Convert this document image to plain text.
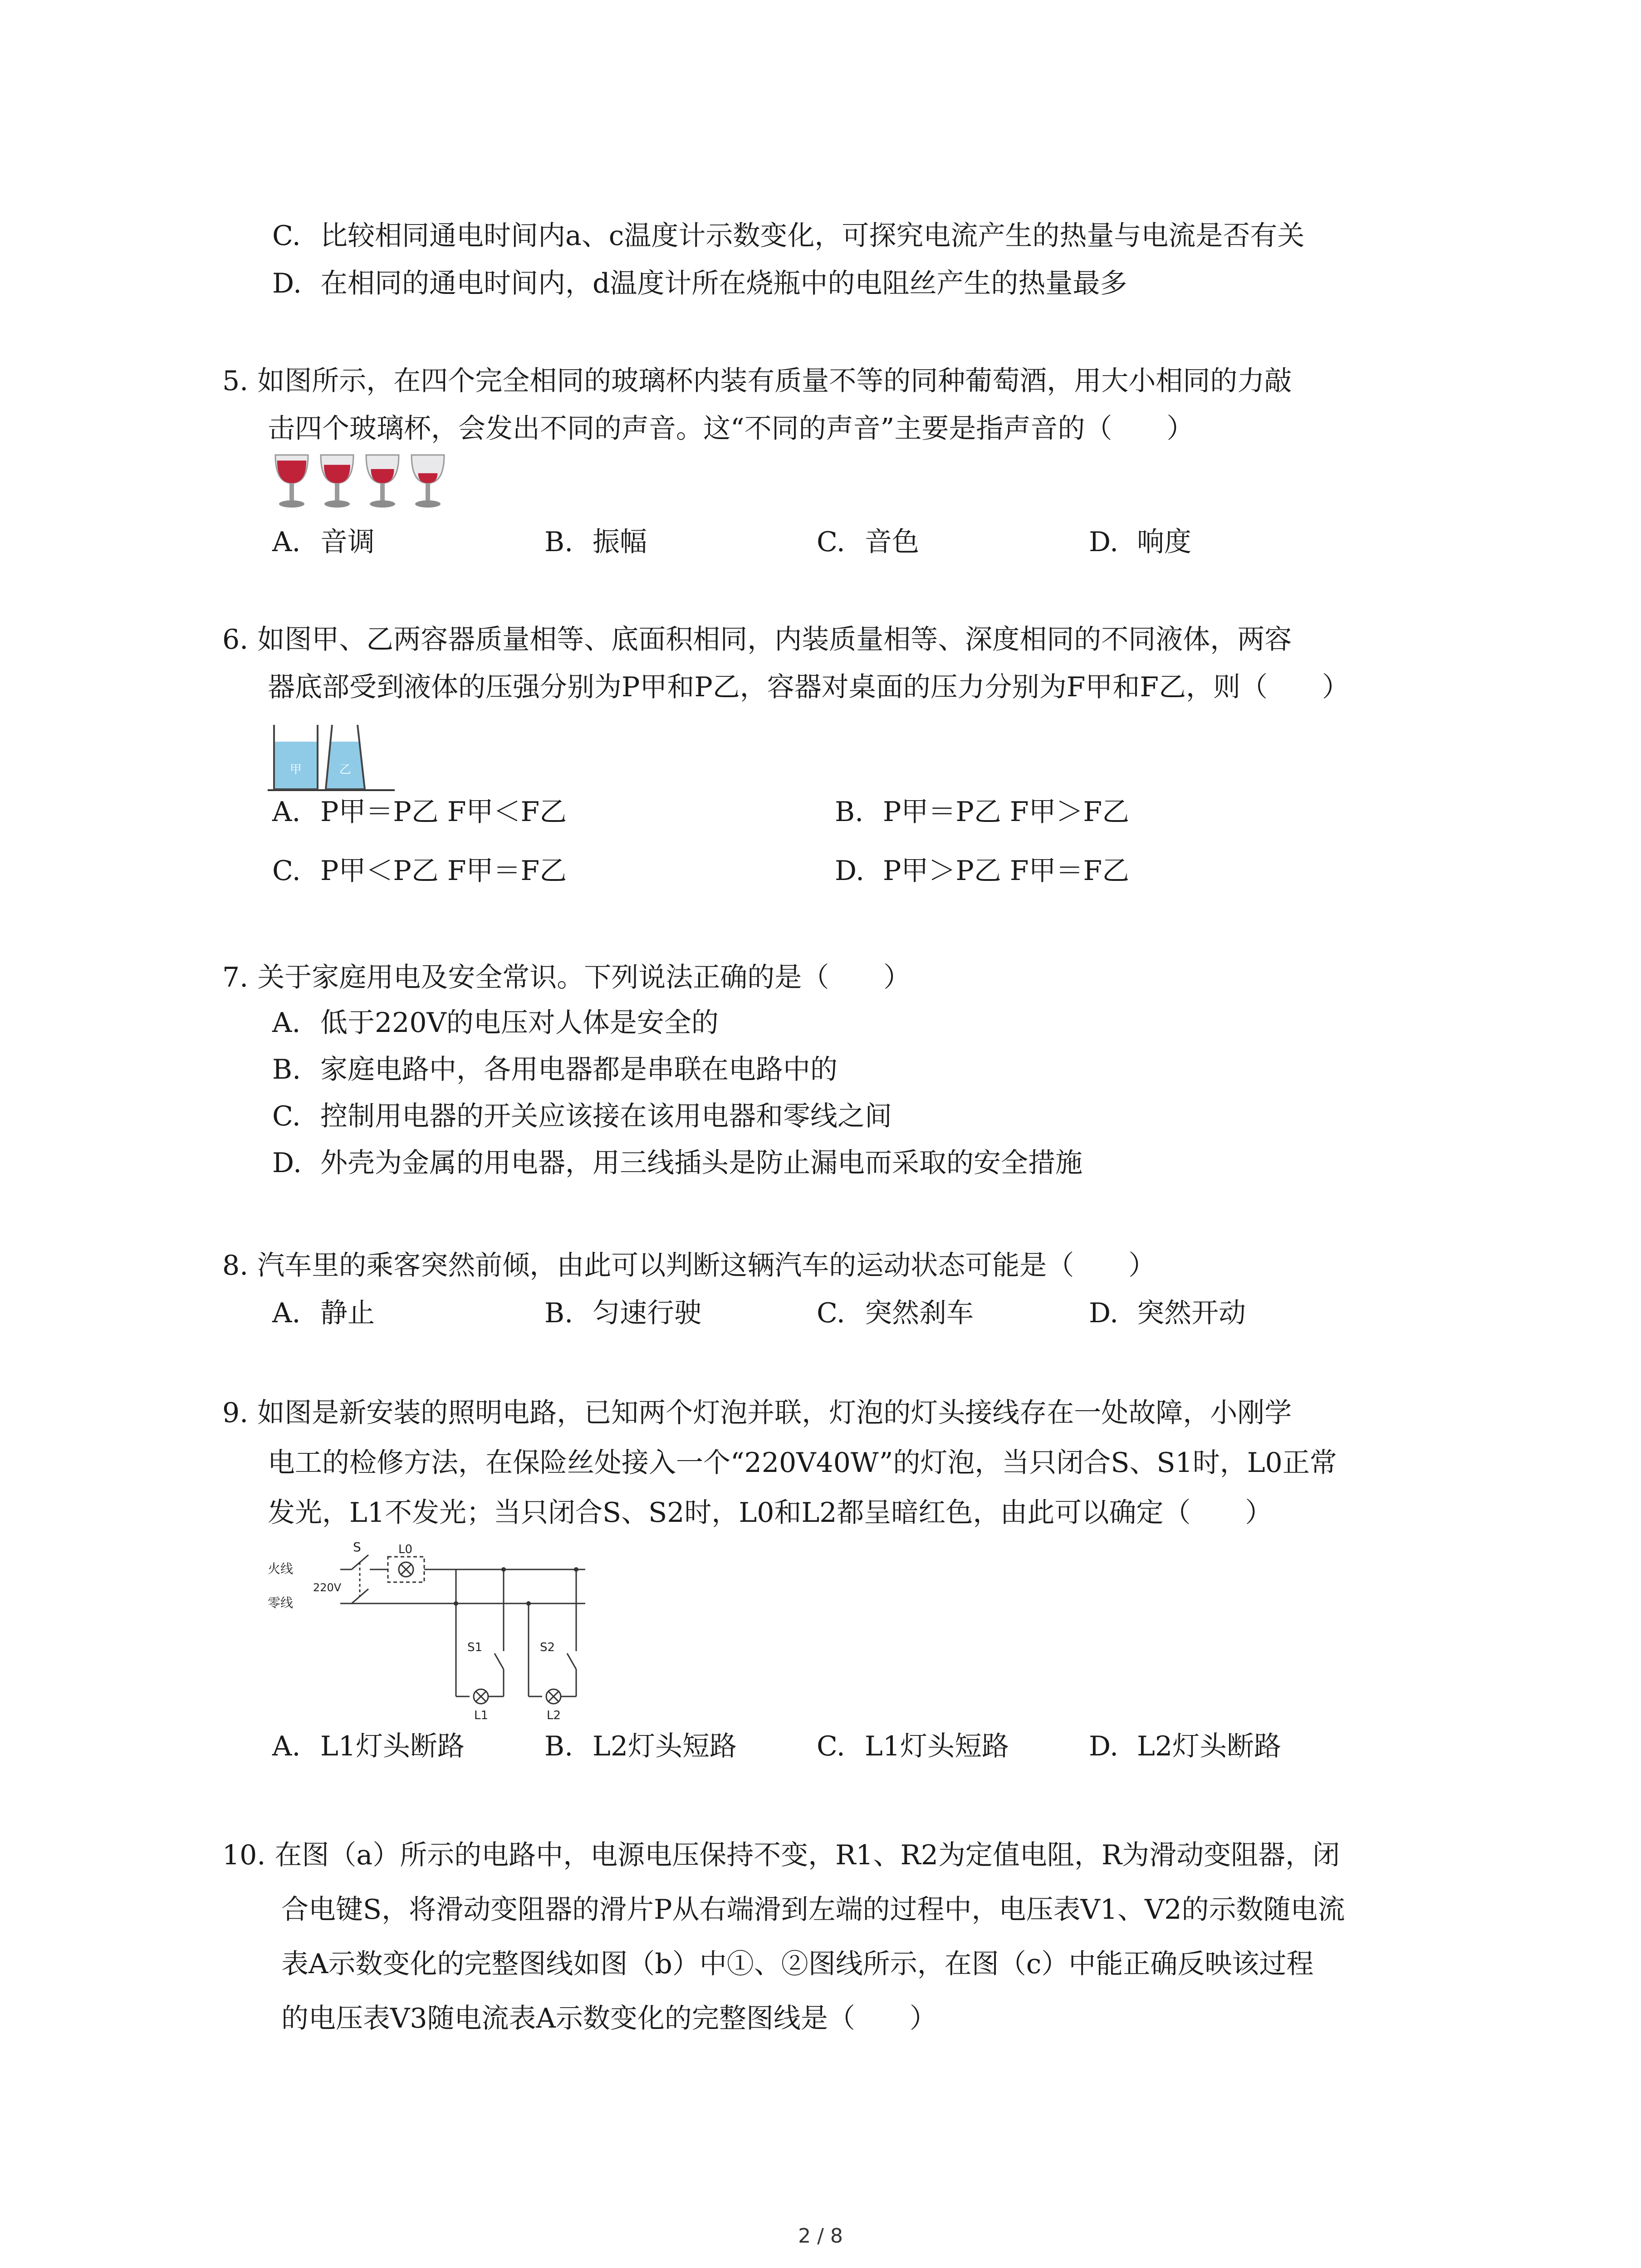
C. 比较相同通电时间内a、c温度计示数变化，可探究电流产生的热量与电流是否有关
D. 在相同的通电时间内，d温度计所在烧瓶中的电阻丝产生的热量最多
5. 如图所示，在四个完全相同的玻璃杯内装有质量不等的同种葡萄酒，用大小相同的力敲
击四个玻璃杯，会发出不同的声音。这“不同的声音”主要是指声音的（　　）
A. 音调	B. 振幅	C. 音色	D. 响度
6. 如图甲、乙两容器质量相等、底面积相同，内装质量相等、深度相同的不同液体，两容
器底部受到液体的压强分别为P甲和P乙，容器对桌面的压力分别为F甲和F乙，则（　　）
甲	乙
A. P甲＝P乙 F甲＜F乙	B. P甲＝P乙 F甲＞F乙
C. P甲＜P乙 F甲＝F乙	D. P甲＞P乙 F甲＝F乙
7. 关于家庭用电及安全常识。下列说法正确的是（　　）
A. 低于220V的电压对人体是安全的
B. 家庭电路中，各用电器都是串联在电路中的
C. 控制用电器的开关应该接在该用电器和零线之间
D. 外壳为金属的用电器，用三线插头是防止漏电而采取的安全措施
8. 汽车里的乘客突然前倾，由此可以判断这辆汽车的运动状态可能是（　　）
A. 静止	B. 匀速行驶	C. 突然刹车	D. 突然开动
9. 如图是新安装的照明电路，已知两个灯泡并联，灯泡的灯头接线存在一处故障，小刚学
电工的检修方法，在保险丝处接入一个“220V40W”的灯泡，当只闭合S、S1时，L0正常
发光，L1不发光；当只闭合S、S2时，L0和L2都呈暗红色，由此可以确定（　　）
火线
零线
220V
S	L0
S1	S2
L1	L2
A. L1灯头断路	B. L2灯头短路	C. L1灯头短路	D. L2灯头断路
10. 在图（a）所示的电路中，电源电压保持不变，R1、R2为定值电阻，R为滑动变阻器，闭
合电键S，将滑动变阻器的滑片P从右端滑到左端的过程中，电压表V1、V2的示数随电流
表A示数变化的完整图线如图（b）中①、②图线所示，在图（c）中能正确反映该过程
的电压表V3随电流表A示数变化的完整图线是（　　）
2 / 8
